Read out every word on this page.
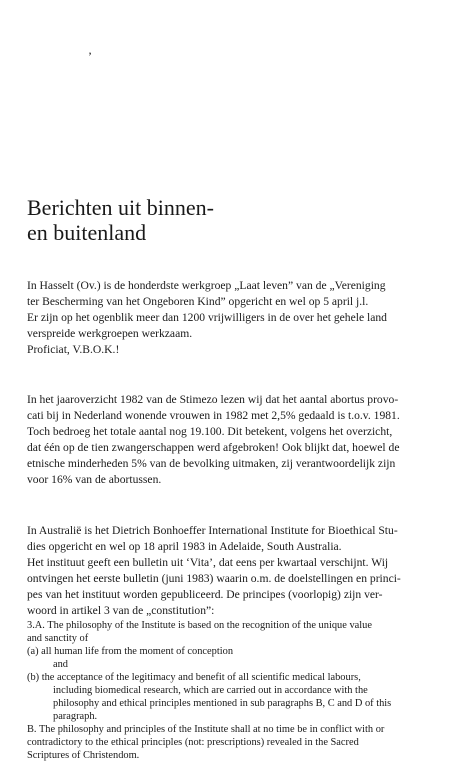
’
Berichten uit binnen-
en buitenland
In Hasselt (Ov.) is de honderdste werkgroep „Laat leven” van de „Vereniging
ter Bescherming van het Ongeboren Kind” opgericht en wel op 5 april j.l.
Er zijn op het ogenblik meer dan 1200 vrijwilligers in de over het gehele land
verspreide werkgroepen werkzaam.
Proficiat, V.B.O.K.!
In het jaaroverzicht 1982 van de Stimezo lezen wij dat het aantal abortus provo-
cati bij in Nederland wonende vrouwen in 1982 met 2,5% gedaald is t.o.v. 1981.
Toch bedroeg het totale aantal nog 19.100. Dit betekent, volgens het overzicht,
dat één op de tien zwangerschappen werd afgebroken! Ook blijkt dat, hoewel de
etnische minderheden 5% van de bevolking uitmaken, zij verantwoordelijk zijn
voor 16% van de abortussen.
In Australië is het Dietrich Bonhoeffer International Institute for Bioethical Stu-
dies opgericht en wel op 18 april 1983 in Adelaide, South Australia.
Het instituut geeft een bulletin uit ‘Vita’, dat eens per kwartaal verschijnt. Wij
ontvingen het eerste bulletin (juni 1983) waarin o.m. de doelstellingen en princi-
pes van het instituut worden gepubliceerd. De principes (voorlopig) zijn ver-
woord in artikel 3 van de „constitution”:
3.A. The philosophy of the Institute is based on the recognition of the unique value
and sanctity of
(a) all human life from the moment of conception
and
(b) the acceptance of the legitimacy and benefit of all scientific medical labours,
including biomedical research, which are carried out in accordance with the
philosophy and ethical principles mentioned in sub paragraphs B, C and D of this
paragraph.
B. The philosophy and principles of the Institute shall at no time be in conflict with or
contradictory to the ethical principles (not: prescriptions) revealed in the Sacred
Scriptures of Christendom.
